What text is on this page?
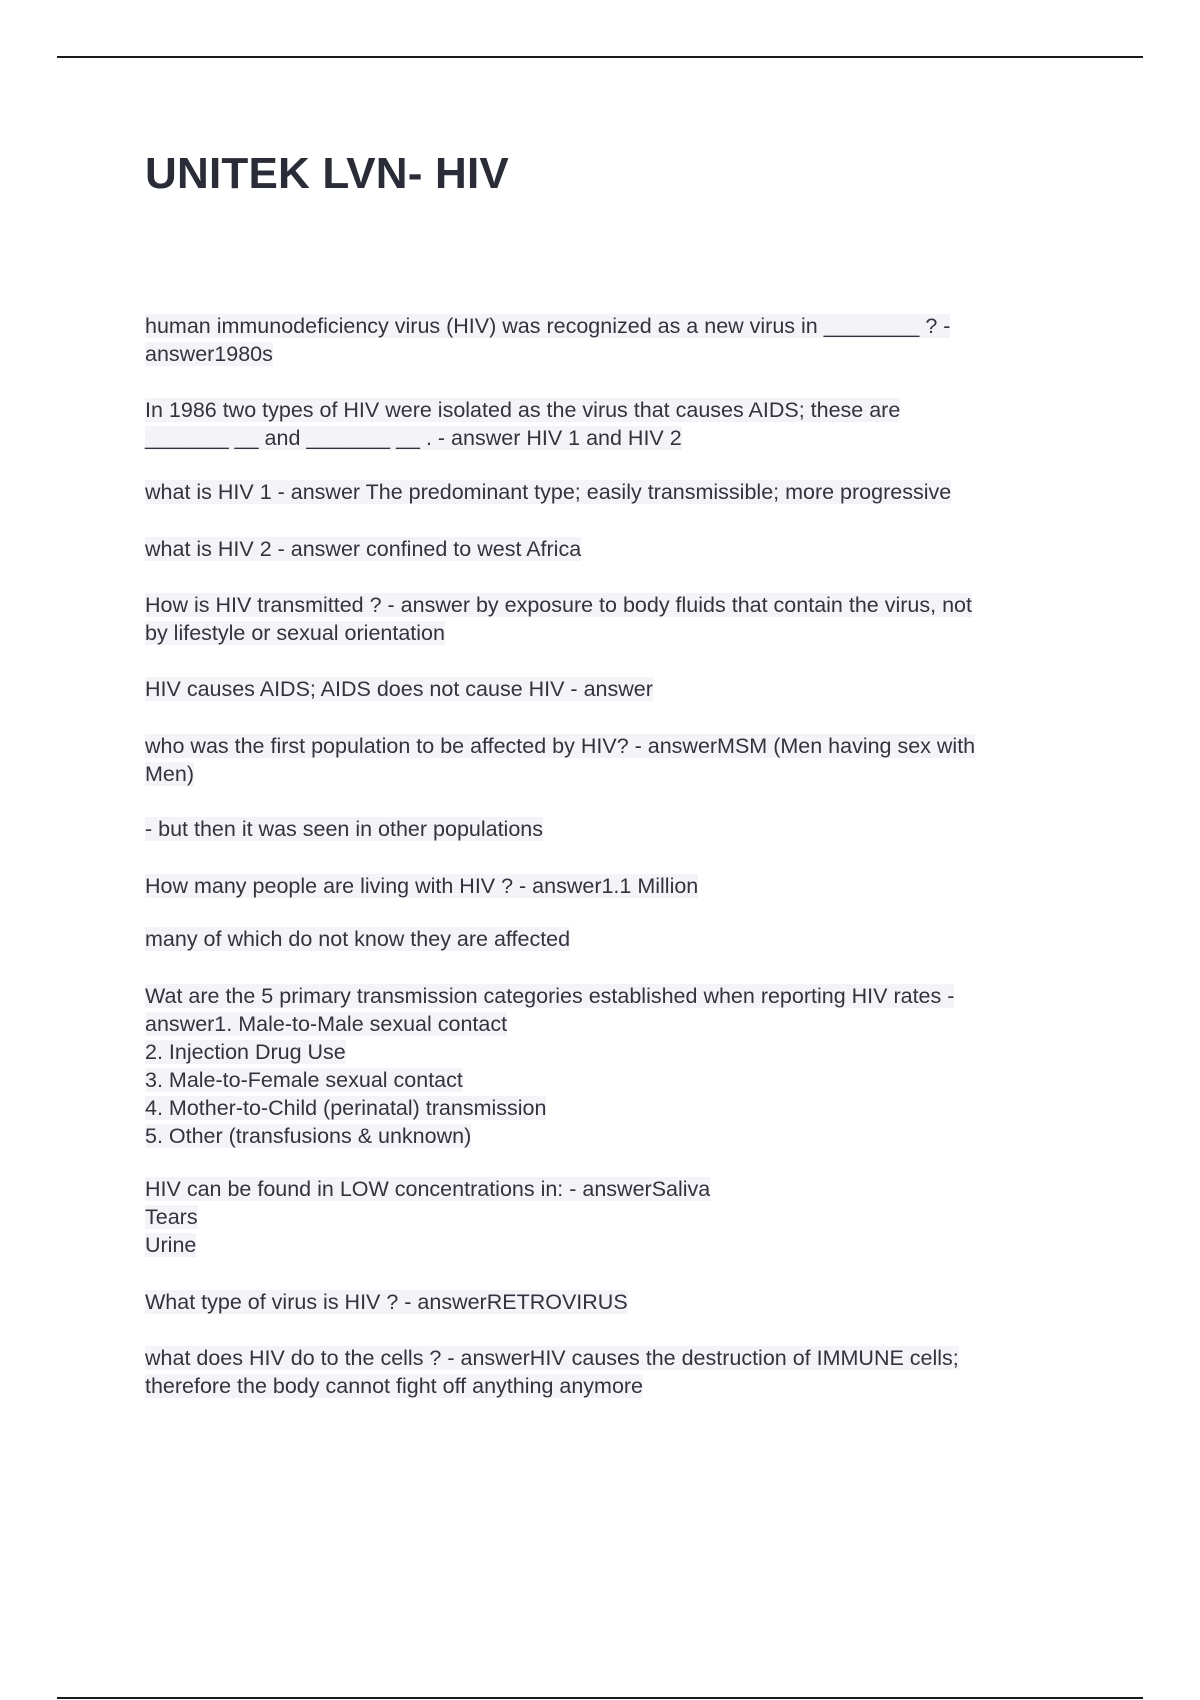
UNITEK LVN- HIV

human immunodeficiency virus (HIV) was recognized as a new virus in ________ ? -
answer1980s

In 1986 two types of HIV were isolated as the virus that causes AIDS; these are
_______ __ and _______ __ . - answer HIV 1 and HIV 2

what is HIV 1 - answer The predominant type; easily transmissible; more progressive

what is HIV 2 - answer confined to west Africa

How is HIV transmitted ? - answer by exposure to body fluids that contain the virus, not
by lifestyle or sexual orientation

HIV causes AIDS; AIDS does not cause HIV - answer

who was the first population to be affected by HIV? - answerMSM (Men having sex with
Men)

- but then it was seen in other populations

How many people are living with HIV ? - answer1.1 Million

many of which do not know they are affected

Wat are the 5 primary transmission categories established when reporting HIV rates -
answer1. Male-to-Male sexual contact
2. Injection Drug Use
3. Male-to-Female sexual contact
4. Mother-to-Child (perinatal) transmission
5. Other (transfusions & unknown)

HIV can be found in LOW concentrations in: - answerSaliva
Tears
Urine

What type of virus is HIV ? - answerRETROVIRUS

what does HIV do to the cells ? - answerHIV causes the destruction of IMMUNE cells;
therefore the body cannot fight off anything anymore
